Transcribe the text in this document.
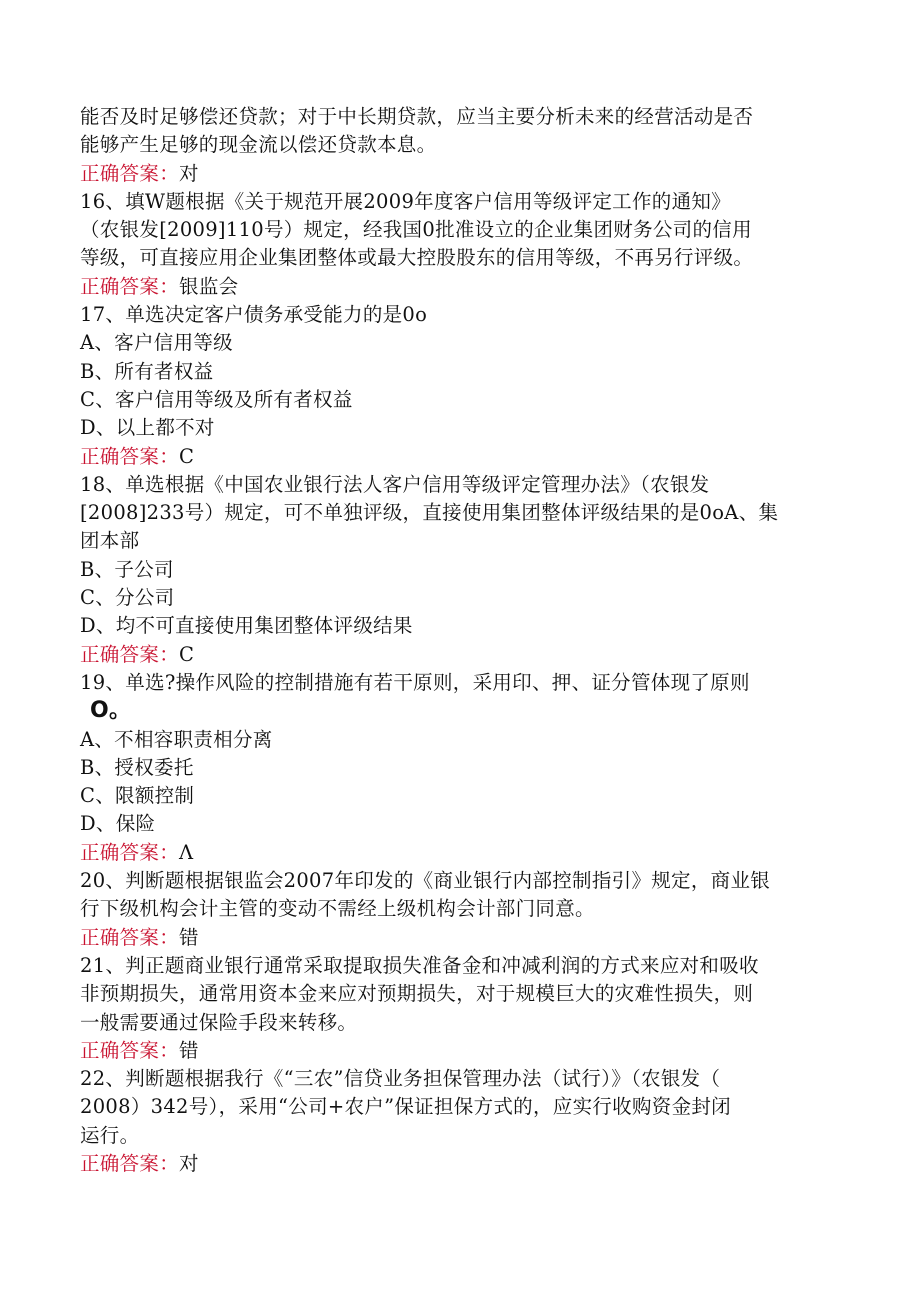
能否及时足够偿还贷款；对于中长期贷款，应当主要分析未来的经营活动是否
能够产生足够的现金流以偿还贷款本息。
正确答案：对
16、填W题根据《关于规范开展2009年度客户信用等级评定工作的通知》
（农银发[2009]110号）规定，经我国0批准设立的企业集团财务公司的信用
等级，可直接应用企业集团整体或最大控股股东的信用等级，不再另行评级。
正确答案：银监会
17、单选决定客户债务承受能力的是0o
A、客户信用等级
B、所有者权益
C、客户信用等级及所有者权益
D、以上都不对
正确答案：C
18、单选根据《中国农业银行法人客户信用等级评定管理办法》（农银发
[2008]233号）规定，可不单独评级，直接使用集团整体评级结果的是0oA、集
团本部
B、子公司
C、分公司
D、均不可直接使用集团整体评级结果
正确答案：C
19、单选?操作风险的控制措施有若干原则，采用印、押、证分管体现了原则
O。
A、不相容职责相分离
B、授权委托
C、限额控制
D、保险
正确答案：Λ
20、判断题根据银监会2007年印发的《商业银行内部控制指引》规定，商业银
行下级机构会计主管的变动不需经上级机构会计部门同意。
正确答案：错
21、判正题商业银行通常采取提取损失准备金和冲减利润的方式来应对和吸收
非预期损失，通常用资本金来应对预期损失，对于规模巨大的灾难性损失，则
一般需要通过保险手段来转移。
正确答案：错
22、判断题根据我行《“三农”信贷业务担保管理办法（试行）》（农银发（
2008）342号），采用“公司+农户”保证担保方式的，应实行收购资金封闭
运行。
正确答案：对
